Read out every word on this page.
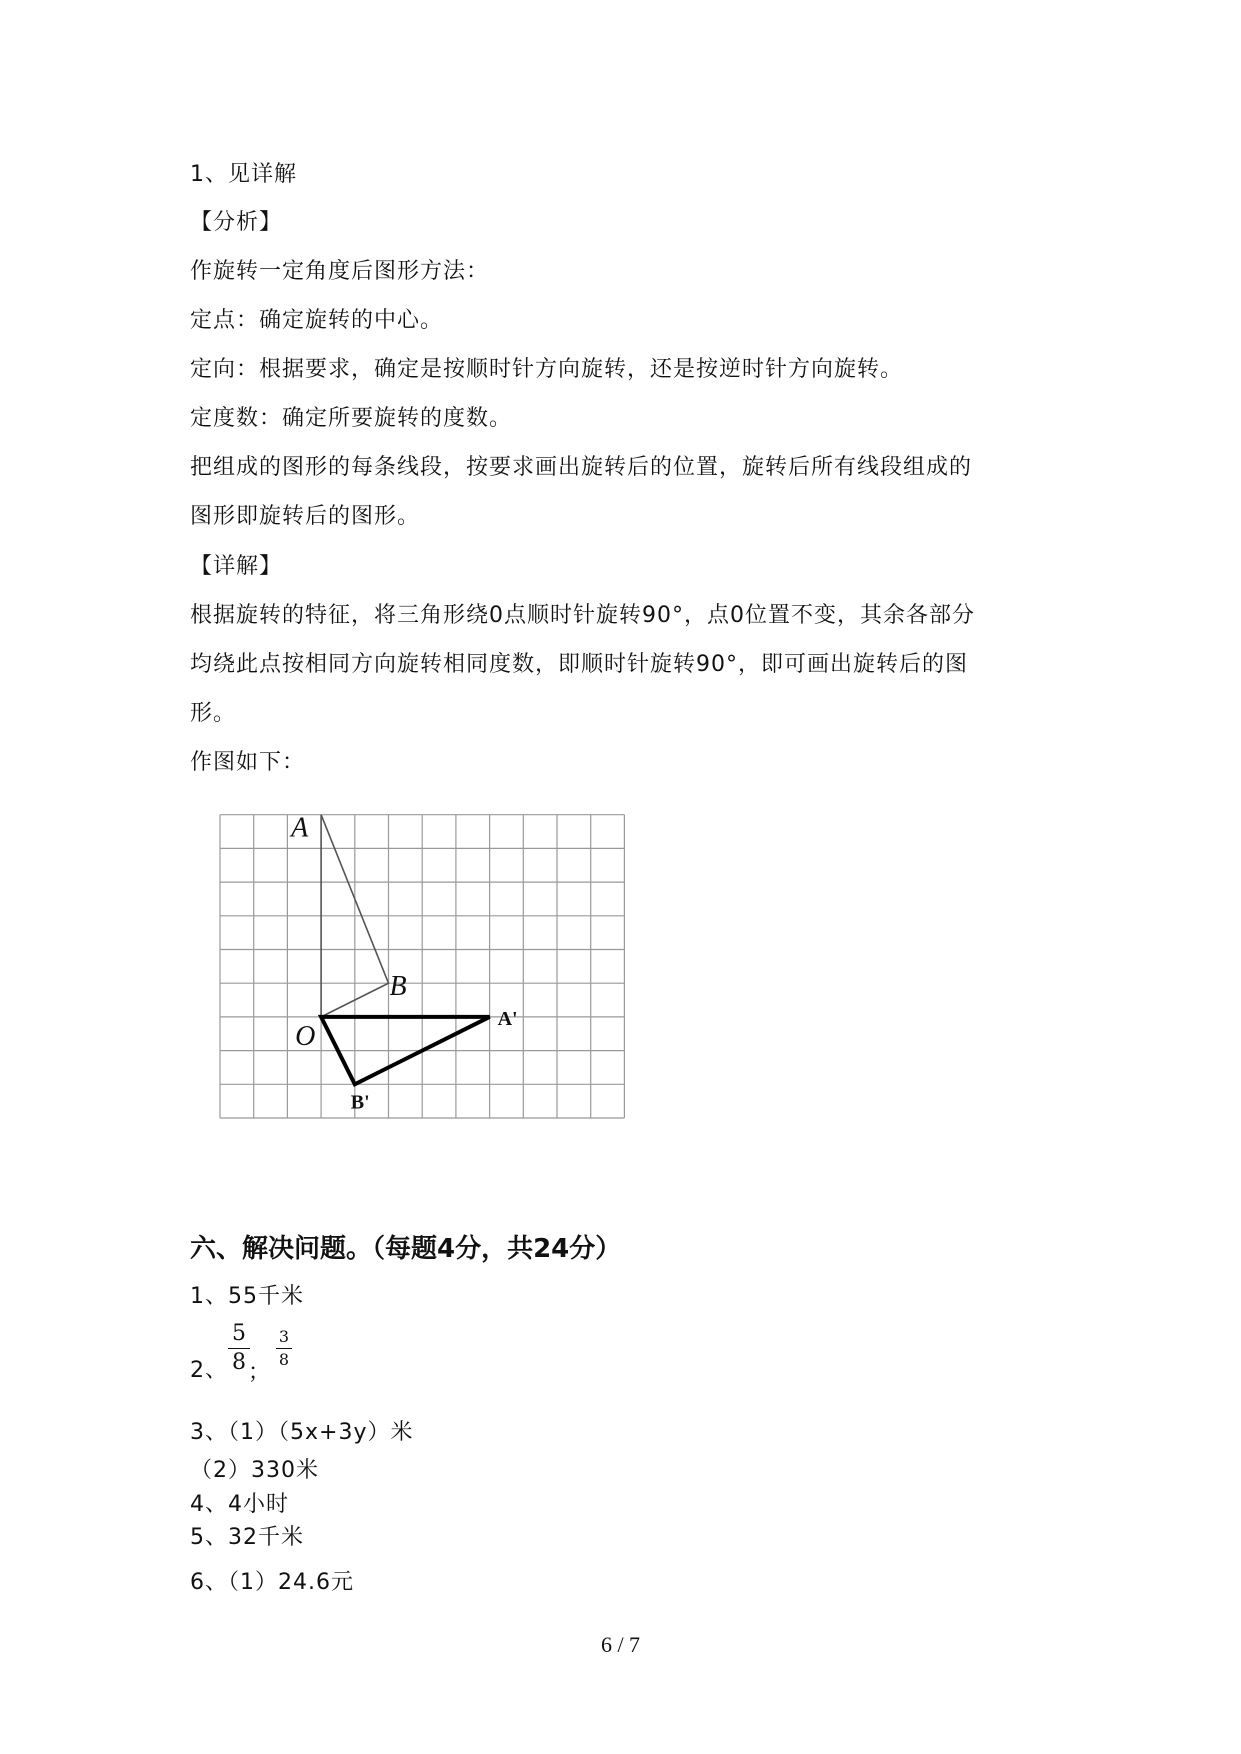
1、见详解
【分析】
作旋转一定角度后图形方法：
定点：确定旋转的中心。
定向：根据要求，确定是按顺时针方向旋转，还是按逆时针方向旋转。
定度数：确定所要旋转的度数。
把组成的图形的每条线段，按要求画出旋转后的位置，旋转后所有线段组成的
图形即旋转后的图形。
【详解】
根据旋转的特征，将三角形绕0点顺时针旋转90°，点0位置不变，其余各部分
均绕此点按相同方向旋转相同度数，即顺时针旋转90°，即可画出旋转后的图
形。
作图如下：
A
B
O
A'
B'
六、解决问题。（每题4分，共24分）
1、55千米
2、
5
8 ；
3
8
3、（1）（5x+3y）米
（2）330米
4、4小时
5、32千米
6、（1）24.6元
6 / 7
